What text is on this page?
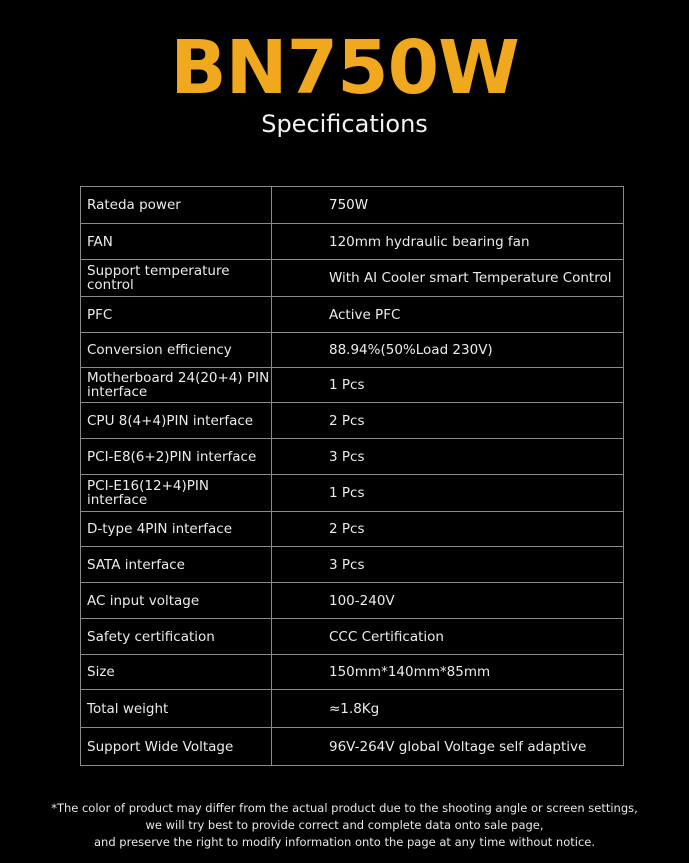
BN750W
Specifications
Rateda power	750W
FAN	120mm hydraulic bearing fan
Support temperature control	With AI Cooler smart Temperature Control
PFC	Active PFC
Conversion efficiency	88.94%(50%Load 230V)
Motherboard 24(20+4) PIN interface	1 Pcs
CPU 8(4+4)PIN interface	2 Pcs
PCI-E8(6+2)PIN interface	3 Pcs
PCI-E16(12+4)PIN interface	1 Pcs
D-type 4PIN interface	2 Pcs
SATA interface	3 Pcs
AC input voltage	100-240V
Safety certification	CCC Certification
Size	150mm*140mm*85mm
Total weight	≈1.8Kg
Support Wide Voltage	96V-264V global Voltage self adaptive
*The color of product may differ from the actual product due to the shooting angle or screen settings,
we will try best to provide correct and complete data onto sale page,
and preserve the right to modify information onto the page at any time without notice.
